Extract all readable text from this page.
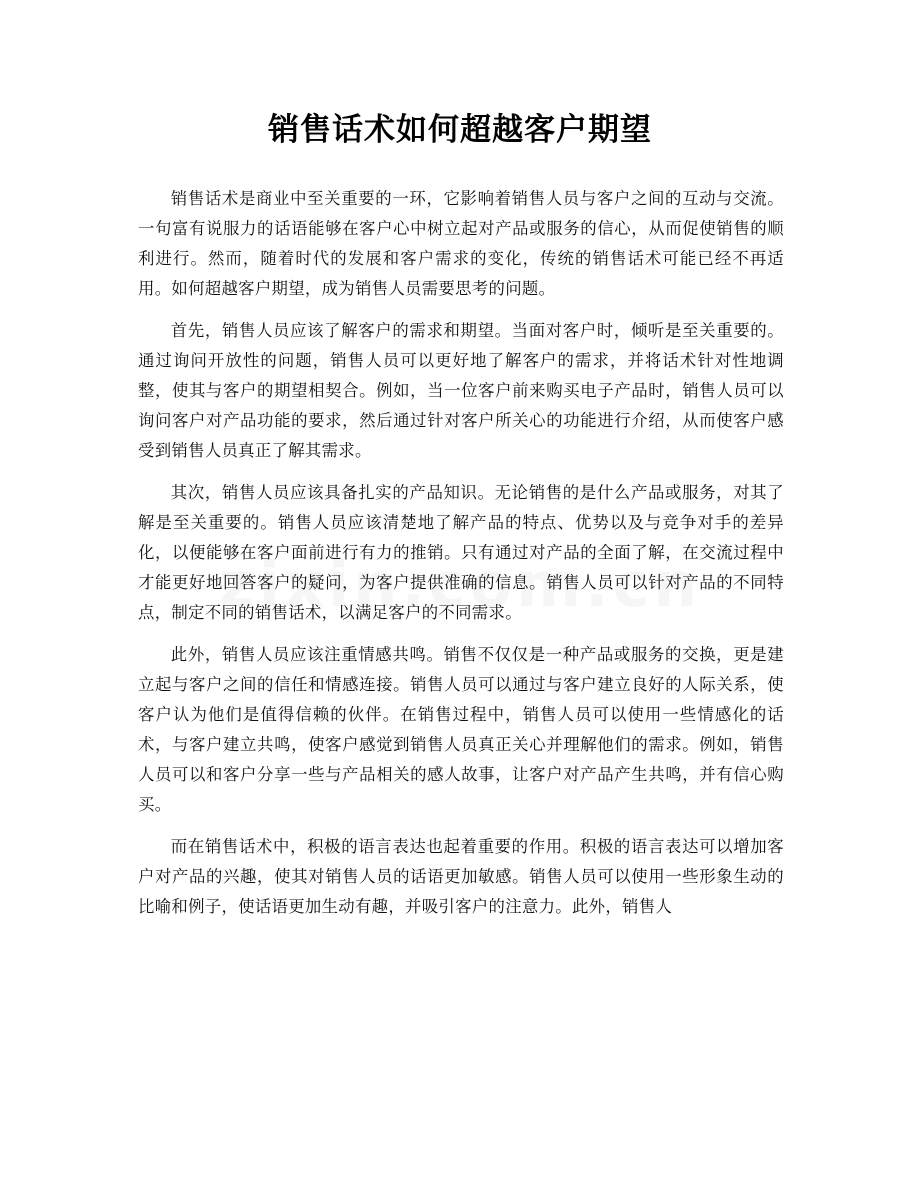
销售话术如何超越客户期望

销售话术是商业中至关重要的一环，它影响着销售人员与客户之间的互动与交流。一句富有说服力的话语能够在客户心中树立起对产品或服务的信心，从而促使销售的顺利进行。然而，随着时代的发展和客户需求的变化，传统的销售话术可能已经不再适用。如何超越客户期望，成为销售人员需要思考的问题。

首先，销售人员应该了解客户的需求和期望。当面对客户时，倾听是至关重要的。通过询问开放性的问题，销售人员可以更好地了解客户的需求，并将话术针对性地调整，使其与客户的期望相契合。例如，当一位客户前来购买电子产品时，销售人员可以询问客户对产品功能的要求，然后通过针对客户所关心的功能进行介绍，从而使客户感受到销售人员真正了解其需求。

其次，销售人员应该具备扎实的产品知识。无论销售的是什么产品或服务，对其了解是至关重要的。销售人员应该清楚地了解产品的特点、优势以及与竞争对手的差异化，以便能够在客户面前进行有力的推销。只有通过对产品的全面了解，在交流过程中才能更好地回答客户的疑问，为客户提供准确的信息。销售人员可以针对产品的不同特点，制定不同的销售话术，以满足客户的不同需求。

此外，销售人员应该注重情感共鸣。销售不仅仅是一种产品或服务的交换，更是建立起与客户之间的信任和情感连接。销售人员可以通过与客户建立良好的人际关系，使客户认为他们是值得信赖的伙伴。在销售过程中，销售人员可以使用一些情感化的话术，与客户建立共鸣，使客户感觉到销售人员真正关心并理解他们的需求。例如，销售人员可以和客户分享一些与产品相关的感人故事，让客户对产品产生共鸣，并有信心购买。

而在销售话术中，积极的语言表达也起着重要的作用。积极的语言表达可以增加客户对产品的兴趣，使其对销售人员的话语更加敏感。销售人员可以使用一些形象生动的比喻和例子，使话语更加生动有趣，并吸引客户的注意力。此外，销售人
